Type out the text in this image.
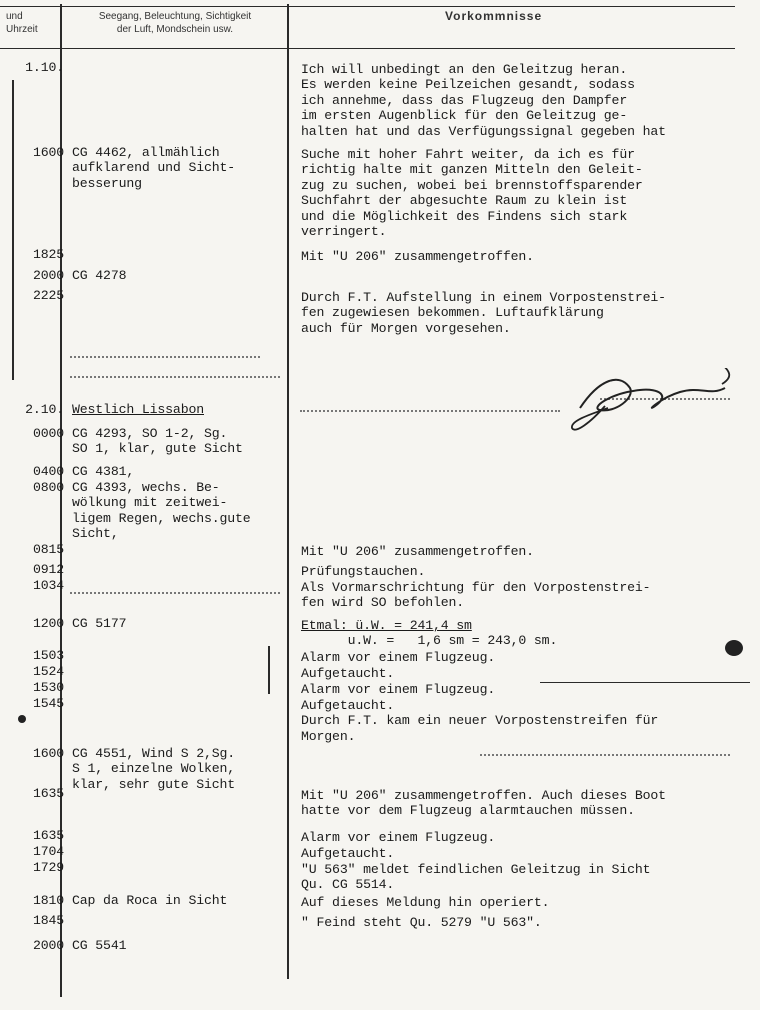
und
Uhrzeit
Seegang, Beleuchtung, Sichtigkeit
der Luft, Mondschein usw.
Vorkommnisse
1.10.	Ich will unbedingt an den Geleitzug heran.
Es werden keine Peilzeichen gesandt, sodass
ich annehme, dass das Flugzeug den Dampfer
im ersten Augenblick für den Geleitzug ge-
halten hat und das Verfügungssignal gegeben hat
1600 CG 4462, allmählich
aufklarend und Sicht-
besserung
Suche mit hoher Fahrt weiter, da ich es für
richtig halte mit ganzen Mitteln den Geleit-
zug zu suchen, wobei bei brennstoffsparender
Suchfahrt der abgesuchte Raum zu klein ist
und die Möglichkeit des Findens sich stark
verringert.
1825	Mit "U 206" zusammengetroffen.
2000 CG 4278
2225	Durch F.T. Aufstellung in einem Vorpostenstrei-
fen zugewiesen bekommen. Luftaufklärung
auch für Morgen vorgesehen.
2.10. Westlich Lissabon
0000 CG 4293, SO 1-2, Sg.
SO 1, klar, gute Sicht
0400 CG 4381,
0800 CG 4393, wechs. Be-
wölkung mit zeitwei-
ligem Regen, wechs.gute
Sicht,
0815	Mit "U 206" zusammengetroffen.
0912	Prüfungstauchen.
1034	Als Vormarschrichtung für den Vorpostenstrei-
fen wird SO befohlen.
1200 CG 5177	Etmal: ü.W. = 241,4 sm
u.W. =   1,6 sm = 243,0 sm.
1503	Alarm vor einem Flugzeug.
1524	Aufgetaucht.
1530	Alarm vor einem Flugzeug.
1545	Aufgetaucht.
Durch F.T. kam ein neuer Vorpostenstreifen für
Morgen.
1600 CG 4551, Wind S 2,Sg.
S 1, einzelne Wolken,
klar, sehr gute Sicht
1635	Mit "U 206" zusammengetroffen. Auch dieses Boot
hatte vor dem Flugzeug alarmtauchen müssen.
1635	Alarm vor einem Flugzeug.
1704	Aufgetaucht.
1729	"U 563" meldet feindlichen Geleitzug in Sicht
Qu. CG 5514.
1810 Cap da Roca in Sicht	Auf dieses Meldung hin operiert.
1845	" Feind steht Qu. 5279 "U 563".
2000 CG 5541
